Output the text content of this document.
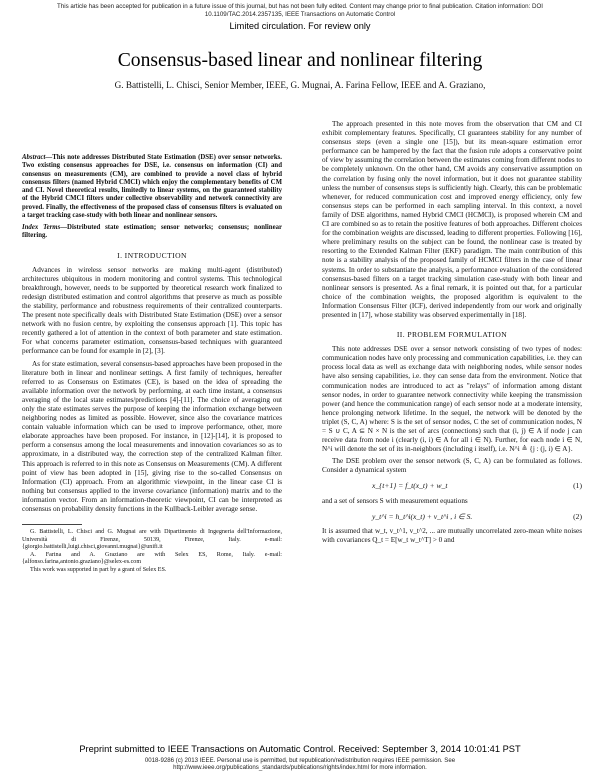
This article has been accepted for publication in a future issue of this journal, but has not been fully edited. Content may change prior to final publication. Citation information: DOI
10.1109/TAC.2014.2357135, IEEE Transactions on Automatic Control
Limited circulation. For review only
Consensus-based linear and nonlinear filtering
G. Battistelli, L. Chisci, Senior Member, IEEE, G. Mugnai, A. Farina Fellow, IEEE and A. Graziano,
Abstract—This note addresses Distributed State Estimation (DSE) over sensor networks. Two existing consensus approaches for DSE, i.e. consensus on information (CI) and consensus on measurements (CM), are combined to provide a novel class of hybrid consensus filters (named Hybrid CMCI) which enjoy the complementary benefits of CM and CI. Novel theoretical results, limitedly to linear systems, on the guaranteed stability of the Hybrid CMCI filters under collective observability and network connectivity are proved. Finally, the effectiveness of the proposed class of consensus filters is evaluated on a target tracking case-study with both linear and nonlinear sensors.
Index Terms—Distributed state estimation; sensor networks; consensus; nonlinear filtering.
I. INTRODUCTION

Advances in wireless sensor networks are making multi-agent (distributed) architectures ubiquitous in modern monitoring and control systems. This technological breakthrough, however, needs to be supported by theoretical research work finalized to redesign distributed estimation and control algorithms that preserve as much as possible the stability, performance and robustness requirements of their centralized counterparts. The present note specifically deals with Distributed State Estimation (DSE) over a sensor network with no fusion centre, by exploiting the consensus approach [1]. This topic has recently gathered a lot of attention in the context of both parameter and state estimation. For what concerns parameter estimation, consensus-based techniques with guaranteed performance can be found for example in [2], [3].

As for state estimation, several consensus-based approaches have been proposed in the literature both in linear and nonlinear settings. A first family of techniques, hereafter referred to as Consensus on Estimates (CE), is based on the idea of spreading the available information over the network by performing, at each time instant, a consensus averaging of the local state estimates/predictions [4]-[11]. The choice of averaging out only the state estimates serves the purpose of keeping the information exchange between neighboring nodes as limited as possible. However, since also the covariance matrices contain valuable information which can be used to improve performance, other, more elaborate approaches have been proposed. For instance, in [12]-[14], it is proposed to perform a consensus among the local measurements and innovation covariances so as to approximate, in a distributed way, the correction step of the centralized Kalman filter. This approach is referred to in this note as Consensus on Measurements (CM). A different point of view has been adopted in [15], giving rise to the so-called Consensus on Information (CI) approach. From an algorithmic viewpoint, in the linear case CI is nothing but consensus applied to the inverse covariance (information) matrix and to the information vector. From an information-theoretic viewpoint, CI can be interpreted as consensus on probability density functions in the Kullback-Leibler average sense.

G. Battistelli, L. Chisci and G. Mugnai are with Dipartimento di Ingegneria dell'Informazione, Università di Firenze, 50139, Firenze, Italy. e-mail: {giorgio.battistelli,luigi.chisci,giovanni.mugnai}@unifi.it
A. Farina and A. Graziano are with Selex ES, Rome, Italy. e-mail: {alfonso.farina,antonio.graziano}@selex-es.com
This work was supported in part by a grant of Selex ES.

The approach presented in this note moves from the observation that CM and CI exhibit complementary features. Specifically, CI guarantees stability for any number of consensus steps (even a single one [15]), but its mean-square estimation error performance can be hampered by the fact that the fusion rule adopts a conservative point of view by assuming the correlation between the estimates coming from different nodes to be completely unknown. On the other hand, CM avoids any conservative assumption on the correlation by fusing only the novel information, but it does not guarantee stability unless the number of consensus steps is sufficiently high. Clearly, this can be problematic whenever, for reduced communication cost and improved energy efficiency, only few consensus steps can be performed in each sampling interval. In this context, a novel family of DSE algorithms, named Hybrid CMCI (HCMCI), is proposed wherein CM and CI are combined so as to retain the positive features of both approaches. Different choices for the combination weights are discussed, leading to different properties. Following [16], where preliminary results on the subject can be found, the nonlinear case is treated by resorting to the Extended Kalman Filter (EKF) paradigm. The main contribution of this note is a stability analysis of the proposed family of HCMCI filters in the case of linear systems. In order to substantiate the analysis, a performance evaluation of the considered consensus-based filters on a target tracking simulation case-study with both linear and nonlinear sensors is presented. As a final remark, it is pointed out that, for a particular choice of the combination weights, the proposed algorithm is equivalent to the Information Consensus Filter (ICF), derived independently from our work and originally presented in [17], whose stability was observed experimentally in [18].

II. PROBLEM FORMULATION

This note addresses DSE over a sensor network consisting of two types of nodes: communication nodes have only processing and communication capabilities, i.e. they can process local data as well as exchange data with neighboring nodes, while sensor nodes have also sensing capabilities, i.e. they can sense data from the environment. Notice that communication nodes are introduced to act as "relays" of information among distant sensor nodes, in order to guarantee network connectivity while keeping the transmission power (and hence the communication range) of each sensor node at a moderate intensity, hence prolonging network lifetime. In the sequel, the network will be denoted by the triplet (S, C, A) where: S is the set of sensor nodes, C the set of communication nodes, N = S ∪ C, A ⊆ N × N is the set of arcs (connections) such that (i, j) ∈ A if node j can receive data from node i (clearly (i, i) ∈ A for all i ∈ N). Further, for each node i ∈ N, N^i will denote the set of its in-neighbors (including i itself), i.e. N^i ≜ {j : (j, i) ∈ A}.

The DSE problem over the sensor network (S, C, A) can be formulated as follows. Consider a dynamical system

x_{t+1} = f_t(x_t) + w_t	(1)

and a set of sensors S with measurement equations

y_t^i = h_t^i(x_t) + v_t^i , i ∈ S.	(2)

It is assumed that w_t, v_t^1, v_t^2, ... are mutually uncorrelated zero-mean white noises with covariances Q_t = E[w_t w_t^T] > 0 and

Preprint submitted to IEEE Transactions on Automatic Control. Received: September 3, 2014 10:01:41 PST
0018-9286 (c) 2013 IEEE. Personal use is permitted, but republication/redistribution requires IEEE permission. See
http://www.ieee.org/publications_standards/publications/rights/index.html for more information.
